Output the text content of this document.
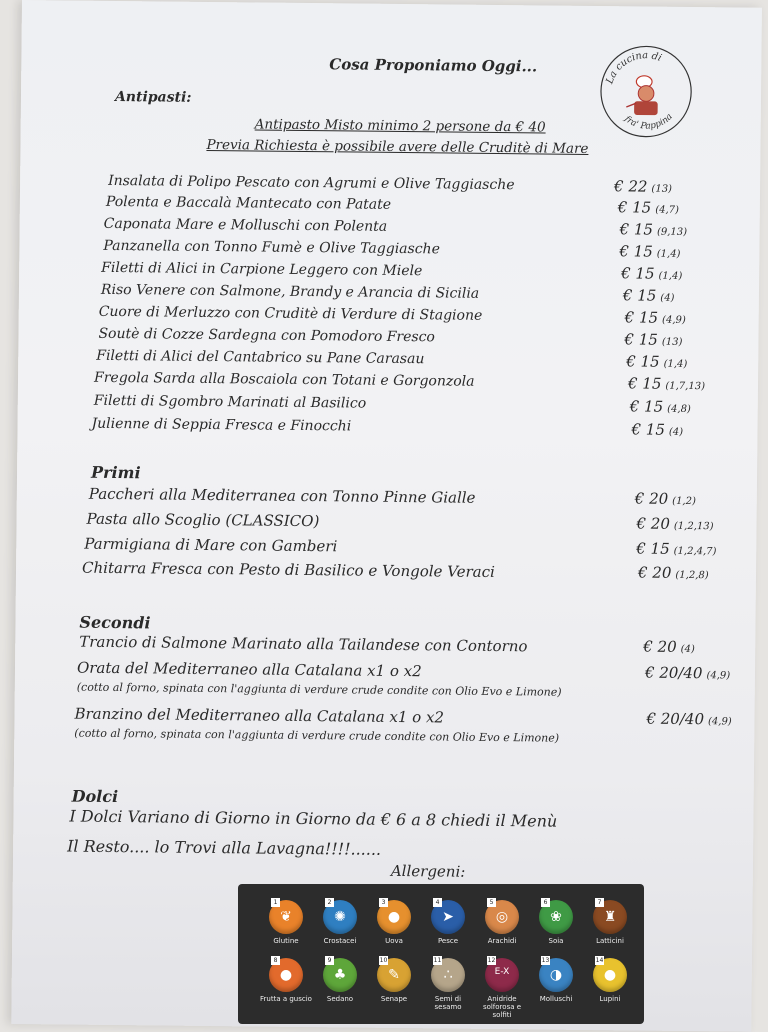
Cosa Proponiamo Oggi...
La cucina di
fra' Pappina
Antipasti:
Antipasto Misto minimo 2 persone da € 40
Previa Richiesta è possibile avere delle Cruditè di Mare
Insalata di Polipo Pescato con Agrumi e Olive Taggiasche	€ 22 (13)
Polenta e Baccalà Mantecato con Patate	€ 15 (4,7)
Caponata Mare e Molluschi con Polenta	€ 15 (9,13)
Panzanella con Tonno Fumè e Olive Taggiasche	€ 15 (1,4)
Filetti di Alici in Carpione Leggero con Miele	€ 15 (1,4)
Riso Venere con Salmone, Brandy e Arancia di Sicilia	€ 15 (4)
Cuore di Merluzzo con Cruditè di Verdure di Stagione	€ 15 (4,9)
Soutè di Cozze Sardegna con Pomodoro Fresco	€ 15 (13)
Filetti di Alici del Cantabrico su Pane Carasau	€ 15 (1,4)
Fregola Sarda alla Boscaiola con Totani e Gorgonzola	€ 15 (1,7,13)
Filetti di Sgombro Marinati al Basilico	€ 15 (4,8)
Julienne di Seppia Fresca e Finocchi	€ 15 (4)
Primi
Paccheri alla Mediterranea con Tonno Pinne Gialle	€ 20 (1,2)
Pasta allo Scoglio (CLASSICO)	€ 20 (1,2,13)
Parmigiana di Mare con Gamberi	€ 15 (1,2,4,7)
Chitarra Fresca con Pesto di Basilico e Vongole Veraci	€ 20 (1,2,8)
Secondi
Trancio di Salmone Marinato alla Tailandese con Contorno	€ 20 (4)
Orata del Mediterraneo alla Catalana x1 o x2	€ 20/40 (4,9)
Branzino del Mediterraneo alla Catalana x1 o x2	€ 20/40 (4,9)
(cotto al forno, spinata con l'aggiunta di verdure crude condite con Olio Evo e Limone)
(cotto al forno, spinata con l'aggiunta di verdure crude condite con Olio Evo e Limone)
Dolci
I Dolci Variano di Giorno in Giorno da € 6 a 8 chiedi il Menù
Il Resto.... lo Trovi alla Lavagna!!!!......
Allergeni:
1
❦
Glutine
2
✺
Crostacei
3
●
Uova
4
➤
Pesce
5
◎
Arachidi
6
❀
Soia
7
♜
Latticini
8
●
Frutta a guscio
9
♣
Sedano
10
✎
Senape
11
∴
Semi di sesamo
12
E-X
Anidride solforosa e solfiti
13
◑
Molluschi
14
●
Lupini
